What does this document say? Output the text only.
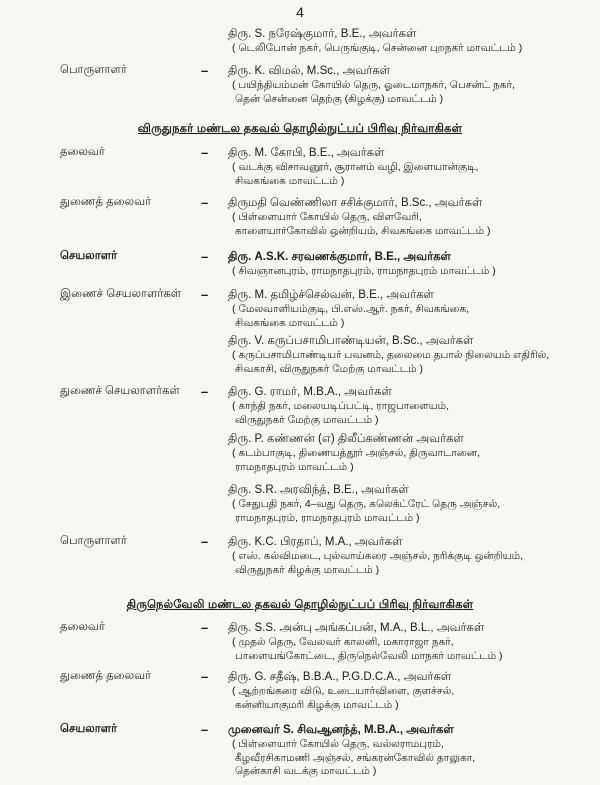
4
திரு. S. நரேஷ்குமார், B.E., அவர்கள்
( டெலிபோன் நகர், பெருங்குடி, சென்னை புறநகர் மாவட்டம் )
பொருளாளர்	– திரு. K. விமல், M.Sc., அவர்கள்
( பயிந்தியம்மன் கோயில் தெரு, ஓடைமாநகர், பெசன்ட் நகர்,
தென் சென்னை தெற்கு (கிழக்கு) மாவட்டம் )
விருதுநகர் மண்டல தகவல் தொழில்நுட்பப் பிரிவு நிர்வாகிகள்
தலைவர்	– திரு. M. கோபி, B.E., அவர்கள்
( வடக்கு விசாவனூர், சூரானம் வழி, இளையான்குடி,
சிவகங்கை மாவட்டம் )
துணைத் தலைவர்	– திருமதி வெண்ணிலா சசிக்குமார், B.Sc., அவர்கள்
( பிள்ளையார் கோயில் தெரு, விளவேரி,
காளையார்கோவில் ஒன்றியம், சிவகங்கை மாவட்டம் )
செயலாளர்	– திரு. A.S.K. சரவணக்குமார், B.E., அவர்கள்
( சிவஞானபுரம், ராமநாதபுரம், ராமநாதபுரம் மாவட்டம் )
இணைச் செயலாளர்கள் – திரு. M. தமிழ்ச்செல்வன், B.E., அவர்கள்
( மேலவாளியம்குடி, பி.எஸ்.ஆர். நகர், சிவகங்கை,
சிவகங்கை மாவட்டம் )
திரு. V. கருப்பசாமிபாண்டியன், B.Sc., அவர்கள்
( கருப்பசாமிபாண்டியர் பவனம், தலைமை தபால் நிலையம் எதிரில்,
சிவகாசி, விருதுநகர் மேற்கு மாவட்டம் )
துணைச் செயலாளர்கள் – திரு. G. ராமர், M.B.A., அவர்கள்
( காந்தி நகர், மலையடிப்பட்டி, ராஜபாளையம்,
விருதுநகர் மேற்கு மாவட்டம் )
திரு. P. கண்ணன் (எ) திலீப்கண்ணன் அவர்கள்
( கடம்பாகுடி, திணையத்தூர் அஞ்சல், திருவாடானை,
ராமநாதபுரம் மாவட்டம் )
திரு. S.R. அரவிந்த், B.E., அவர்கள்
( சேதுபதி நகர், 4–வது தெரு, கலெக்ட்ரேட் தெரு அஞ்சல்,
ராமநாதபுரம், ராமநாதபுரம் மாவட்டம் )
பொருளாளர்	– திரு. K.C. பிரதாப், M.A., அவர்கள்
( எஸ். கல்விமடை, புல்வாய்கரை அஞ்சல், நரிக்குடி ஒன்றியம்,
விருதுநகர் கிழக்கு மாவட்டம் )
திருநெல்வேலி மண்டல தகவல் தொழில்நுட்பப் பிரிவு நிர்வாகிகள்
தலைவர்	– திரு. S.S. அன்பு அங்கப்பன், M.A., B.L., அவர்கள்
( முதல் தெரு, வேலவர் காலனி, மகாராஜா நகர்,
பாளையங்கோட்டை, திருநெல்வேலி மாநகர் மாவட்டம் )
துணைத் தலைவர்	– திரு. G. சதீஷ், B.B.A., P.G.D.C.A., அவர்கள்
( ஆற்றங்கரை விடு, உடையார்விளை, குளச்சல்,
கன்னியாகுமரி கிழக்கு மாவட்டம் )
செயலாளர்	– முனைவர் S. சிவஆனந்த், M.B.A., அவர்கள்
( பிள்ளையார் கோயில் தெரு, வல்லராமபுரம்,
கீழவீரசிகாமணி அஞ்சல், சங்கரன்கோவில் தாலுகா,
தென்காசி வடக்கு மாவட்டம் )
